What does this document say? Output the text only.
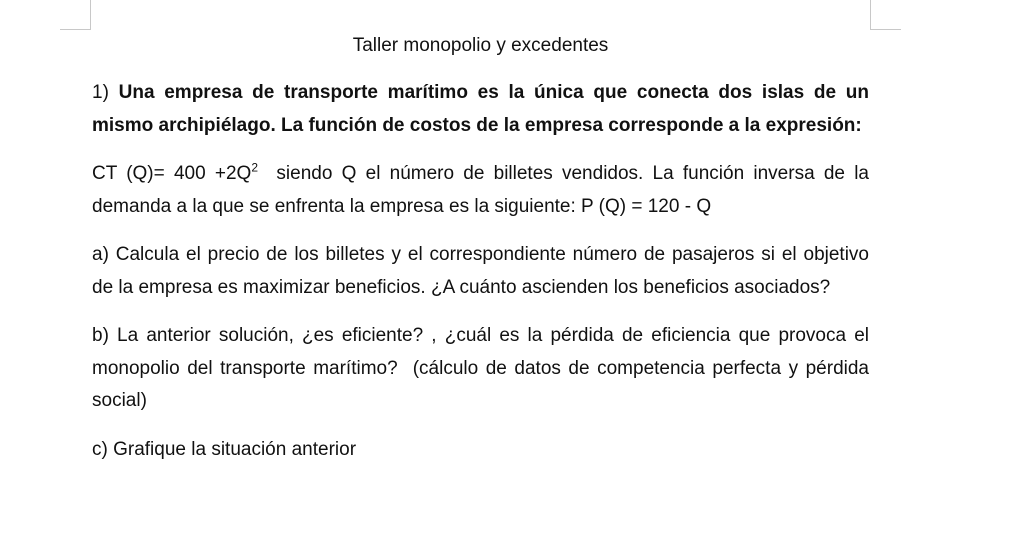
Taller monopolio y excedentes

1) Una empresa de transporte marítimo es la única que conecta dos islas de un mismo archipiélago. La función de costos de la empresa corresponde a la expresión:

CT $(Q)= 400 +2Q^2$  siendo Q el número de billetes vendidos. La función inversa de la demanda a la que se enfrenta la empresa es la siguiente: P (Q) = 120 - Q

a) Calcula el precio de los billetes y el correspondiente número de pasajeros si el objetivo de la empresa es maximizar beneficios. ¿A cuánto ascienden los beneficios asociados?

b) La anterior solución, ¿es eficiente? , ¿cuál es la pérdida de eficiencia que provoca el monopolio del transporte marítimo?  (cálculo de datos de competencia perfecta y pérdida social)

c) Grafique la situación anterior
